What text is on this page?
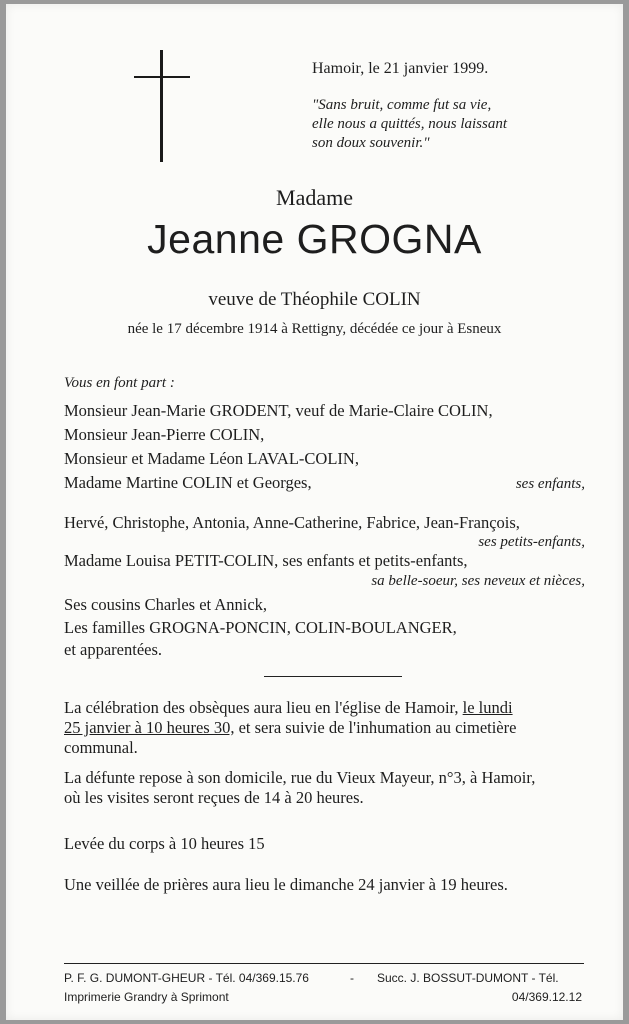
Hamoir, le 21 janvier 1999.
"Sans bruit, comme fut sa vie,
elle nous a quittés, nous laissant
son doux souvenir."
Madame
Jeanne GROGNA
veuve de Théophile COLIN
née le 17 décembre 1914 à Rettigny, décédée ce jour à Esneux
Vous en font part :
Monsieur Jean-Marie GRODENT, veuf de Marie-Claire COLIN,
Monsieur Jean-Pierre COLIN,
Monsieur et Madame Léon LAVAL-COLIN,
Madame Martine COLIN et Georges,	ses enfants,
Hervé, Christophe, Antonia, Anne-Catherine, Fabrice, Jean-François,
ses petits-enfants,
Madame Louisa PETIT-COLIN, ses enfants et petits-enfants,
sa belle-soeur, ses neveux et nièces,
Ses cousins Charles et Annick,
Les familles GROGNA-PONCIN, COLIN-BOULANGER,
et apparentées.
La célébration des obsèques aura lieu en l'église de Hamoir, le lundi
25 janvier à 10 heures 30, et sera suivie de l'inhumation au cimetière
communal.
La défunte repose à son domicile, rue du Vieux Mayeur, n°3, à Hamoir,
où les visites seront reçues de 14 à 20 heures.
Levée du corps à 10 heures 15
Une veillée de prières aura lieu le dimanche 24 janvier à 19 heures.
P. F. G. DUMONT-GHEUR - Tél. 04/369.15.76	- Succ. J. BOSSUT-DUMONT - Tél.
Imprimerie Grandry à Sprimont	04/369.12.12
